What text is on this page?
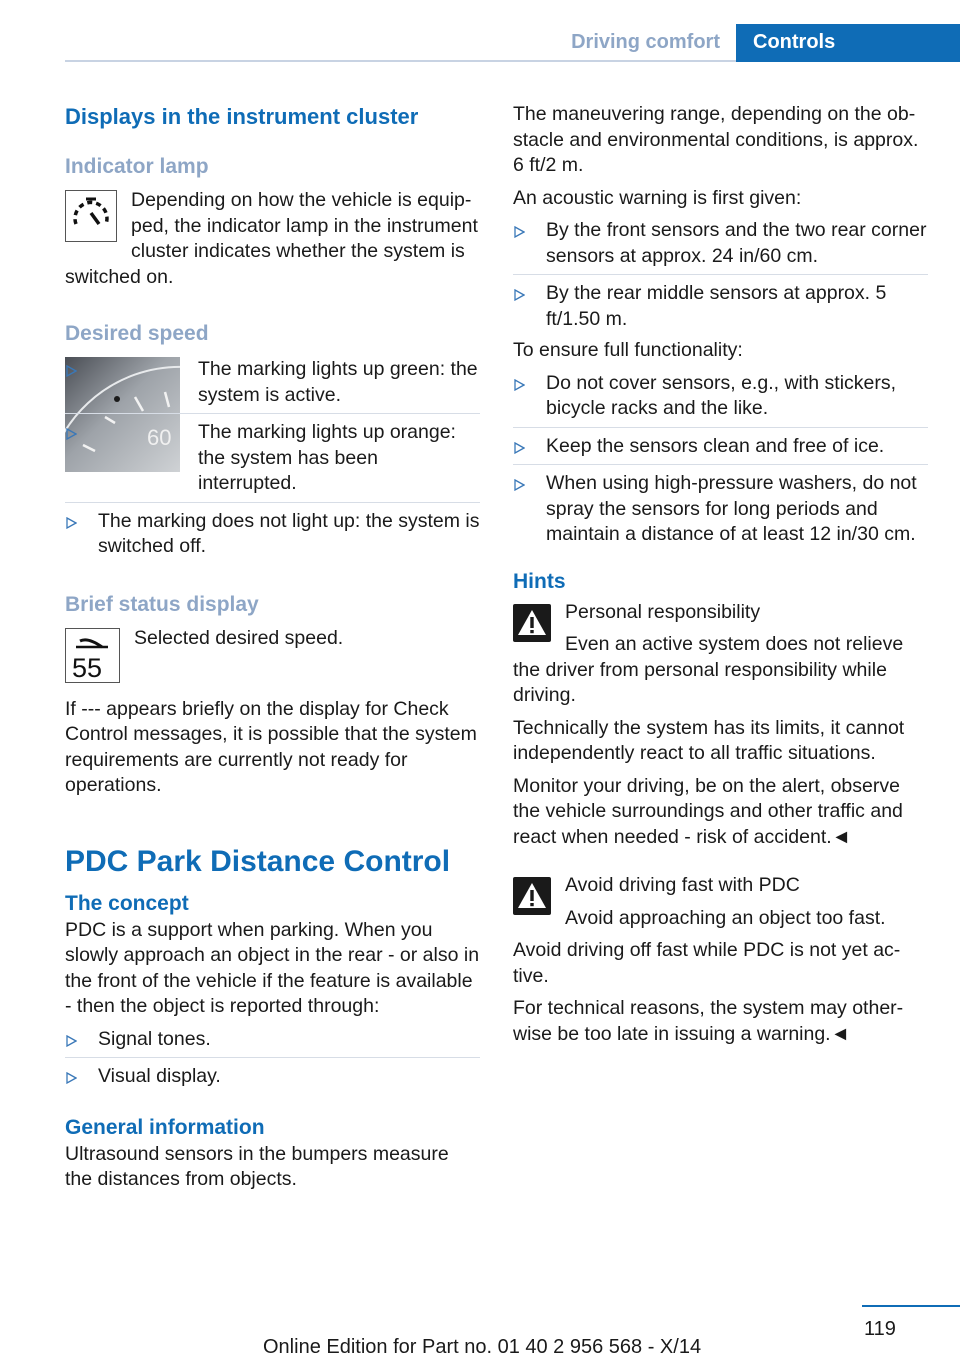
Driving comfort	Controls
Displays in the instrument cluster
Indicator lamp

Depending on how the vehicle is equipped, the indicator lamp in the instrument cluster indicates whether the system is switched on.

Desired speed
60
The marking lights up green: the system is active.
The marking lights up orange: the system has been interrupted.
The marking does not light up: the system is switched off.
Brief status display
55

Selected desired speed.

If --- appears briefly on the display for Check Control messages, it is possible that the system requirements are currently not ready for operations.

PDC Park Distance Control
The concept

PDC is a support when parking. When you slowly approach an object in the rear - or also in the front of the vehicle if the feature is available - then the object is reported through:

Signal tones.
Visual display.
General information

Ultrasound sensors in the bumpers measure the distances from objects.

The maneuvering range, depending on the obstacle and environmental conditions, is approx. 6 ft/2 m.

An acoustic warning is first given:

By the front sensors and the two rear corner sensors at approx. 24 in/60 cm.
By the rear middle sensors at approx. 5 ft/1.50 m.

To ensure full functionality:

Do not cover sensors, e.g., with stickers, bicycle racks and the like.
Keep the sensors clean and free of ice.
When using high-pressure washers, do not spray the sensors for long periods and maintain a distance of at least 12 in/30 cm.
Hints

Personal responsibility

Even an active system does not relieve the driver from personal responsibility while driving.

Technically the system has its limits, it cannot independently react to all traffic situations.

Monitor your driving, be on the alert, observe the vehicle surroundings and other traffic and react when needed - risk of accident.◄

Avoid driving fast with PDC

Avoid approaching an object too fast.

Avoid driving off fast while PDC is not yet active.

For technical reasons, the system may otherwise be too late in issuing a warning.◄

119
Online Edition for Part no. 01 40 2 956 568 - X/14
